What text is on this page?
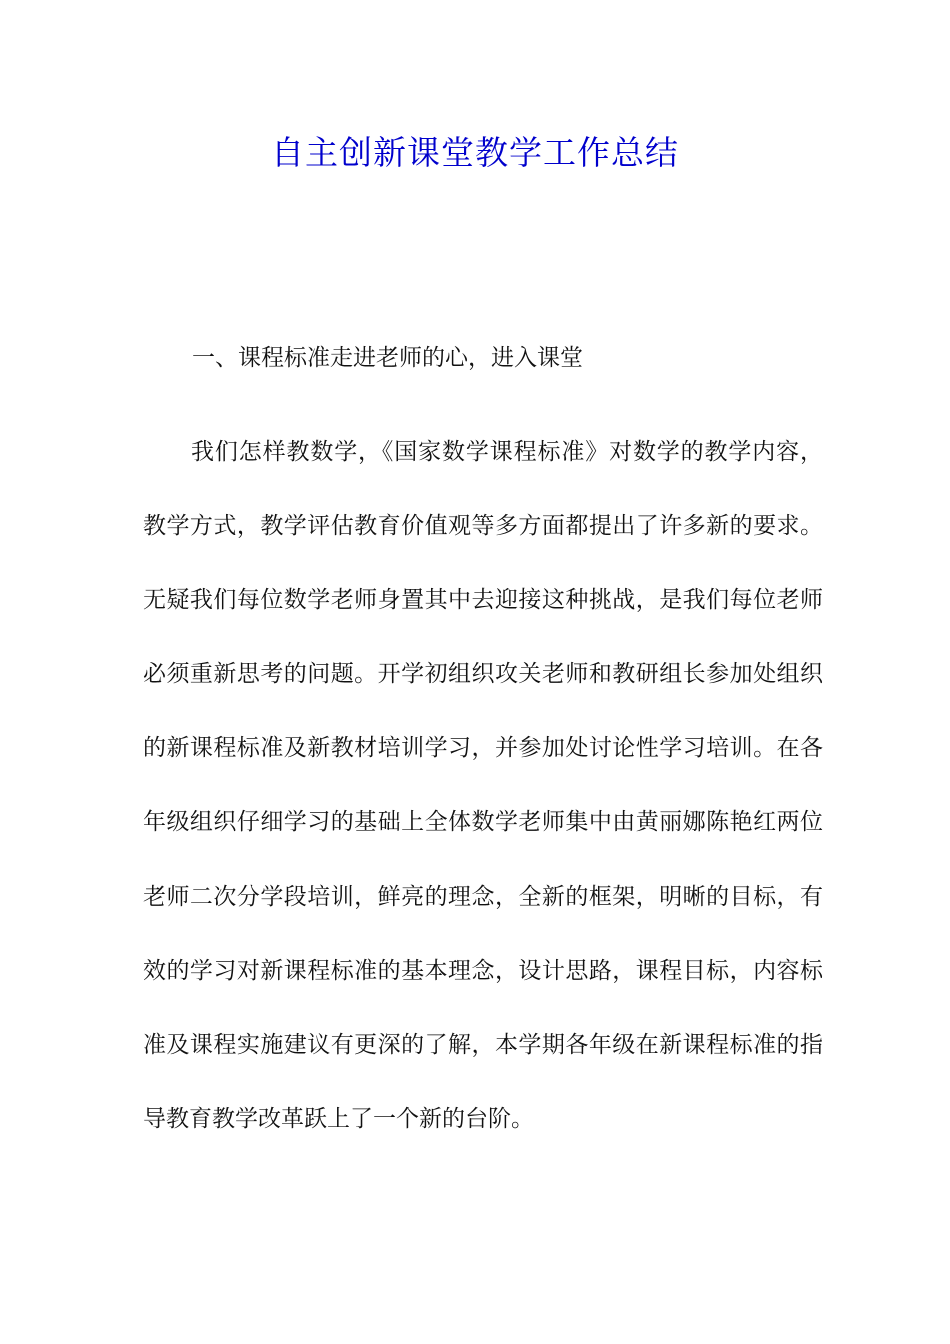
自主创新课堂教学工作总结

一、课程标准走进老师的心，进入课堂

我们怎样教数学，《国家数学课程标准》对数学的教学内容，教学方式，教学评估教育价值观等多方面都提出了许多新的要求。无疑我们每位数学老师身置其中去迎接这种挑战，是我们每位老师必须重新思考的问题。开学初组织攻关老师和教研组长参加处组织的新课程标准及新教材培训学习，并参加处讨论性学习培训。在各年级组织仔细学习的基础上全体数学老师集中由黄丽娜陈艳红两位老师二次分学段培训，鲜亮的理念，全新的框架，明晰的目标，有效的学习对新课程标准的基本理念，设计思路，课程目标，内容标准及课程实施建议有更深的了解，本学期各年级在新课程标准的指导教育教学改革跃上了一个新的台阶。
